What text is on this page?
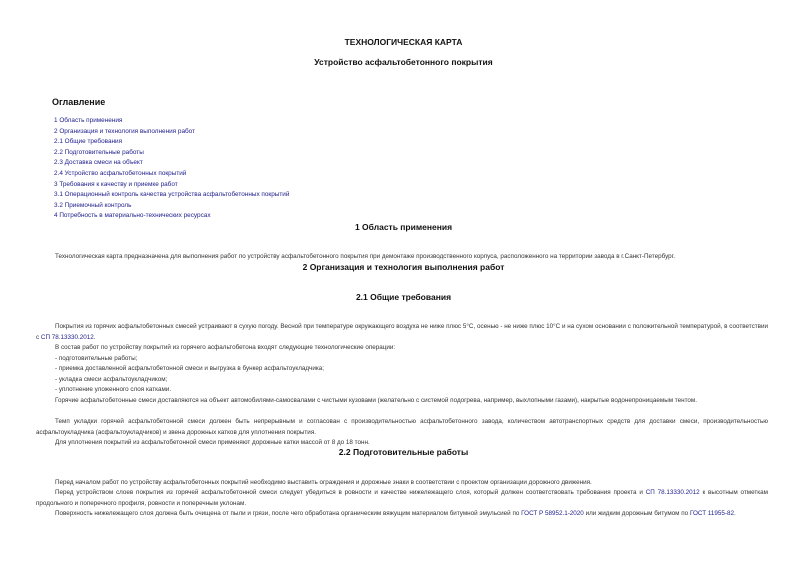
ТЕХНОЛОГИЧЕСКАЯ КАРТА
Устройство асфальтобетонного покрытия
Оглавление
1 Область применения
2 Организация и технология выполнения работ
2.1 Общие требования
2.2 Подготовительные работы
2.3 Доставка смеси на объект
2.4 Устройство асфальтобетонных покрытий
3 Требования к качеству и приемке работ
3.1 Операционный контроль качества устройства асфальтобетонных покрытий
3.2 Приемочный контроль
4 Потребность в материально-технических ресурсах
1 Область применения

Технологическая карта предназначена для выполнения работ по устройству асфальтобетонного покрытия при демонтаже производственного корпуса, расположенного на территории завода в г.Санкт-Петербург.

2 Организация и технология выполнения работ
2.1 Общие требования

Покрытия из горячих асфальтобетонных смесей устраивают в сухую погоду. Весной при температуре окружающего воздуха не ниже плюс 5°С, осенью - не ниже плюс 10°С и на сухом основании с положительной температурой, в соответствии с СП 78.13330.2012.

В состав работ по устройству покрытий из горячего асфальтобетона входят следующие технологические операции:

- подготовительные работы;

- приемка доставленной асфальтобетонной смеси и выгрузка в бункер асфальтоукладчика;

- укладка смеси асфальтоукладчиком;

- уплотнение уложенного слоя катками.

Горячие асфальтобетонные смеси доставляются на объект автомобилями-самосвалами с чистыми кузовами (желательно с системой подогрева, например, выхлопными газами), накрытые водонепроницаемым тентом.

Темп укладки горячей асфальтобетонной смеси должен быть непрерывным и согласован с производительностью асфальтобетонного завода, количеством автотранспортных средств для доставки смеси, производительностью асфальтоукладчика (асфальтоукладчиков) и звена дорожных катков для уплотнения покрытия.

Для уплотнения покрытий из асфальтобетонной смеси применяют дорожные катки массой от 8 до 18 тонн.

2.2 Подготовительные работы

Перед началом работ по устройству асфальтобетонных покрытий необходимо выставить ограждения и дорожные знаки в соответствии с проектом организации дорожного движения.

Перед устройством слоев покрытия из горячей асфальтобетонной смеси следует убедиться в ровности и качестве нижележащего слоя, который должен соответствовать требования проекта и СП 78.13330.2012 к высотным отметкам продольного и поперечного профиля, ровности и поперечным уклонам.

Поверхность нижележащего слоя должна быть очищена от пыли и грязи, после чего обработана органическим вяжущим материалом битумной эмульсией по ГОСТ Р 58952.1-2020 или жидким дорожным битумом по ГОСТ 11955-82.
